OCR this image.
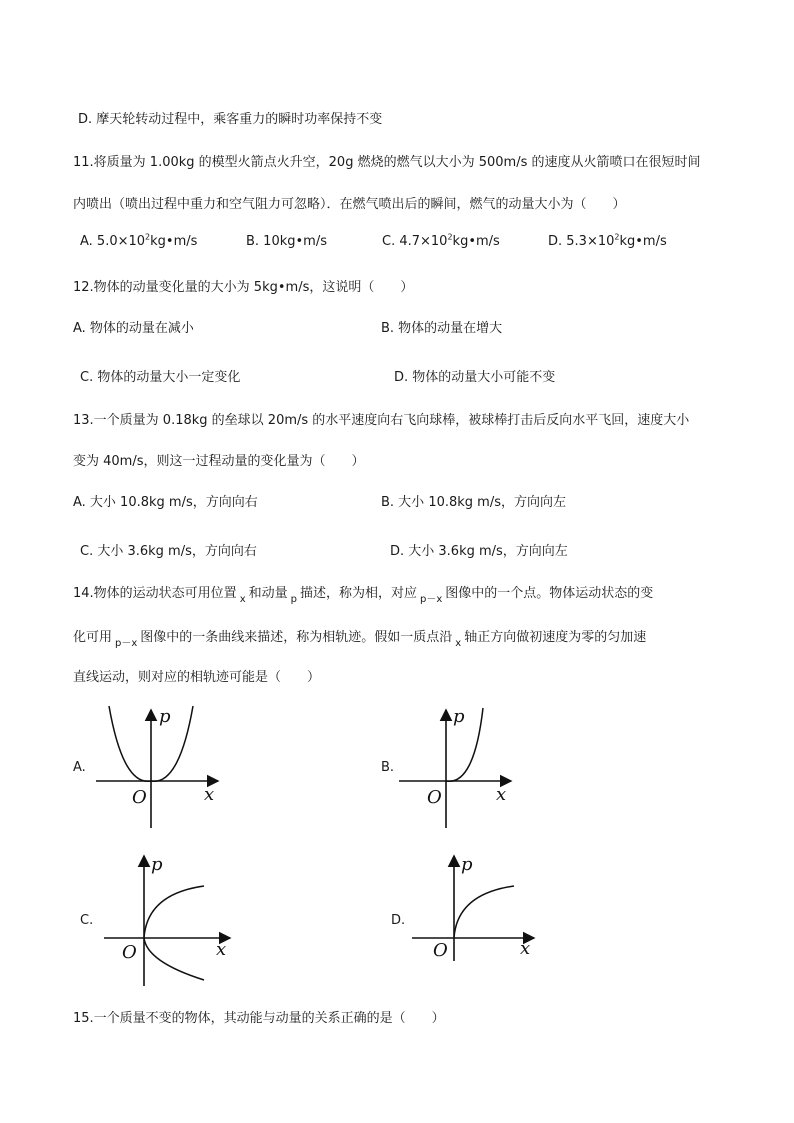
D. 摩天轮转动过程中，乘客重力的瞬时功率保持不变
11.将质量为 1.00kg 的模型火箭点火升空，20g 燃烧的燃气以大小为 500m/s 的速度从火箭喷口在很短时间
内喷出（喷出过程中重力和空气阻力可忽略）．在燃气喷出后的瞬间，燃气的动量大小为（　　）
A. $5.0\times 10^2kg•m/s$	B. 10kg•m/s	C. $4.7\times 10^2kg•m/s$	D. $5.3\times 10^2kg•m/s$
12.物体的动量变化量的大小为 5kg•m/s，这说明（　　）
A. 物体的动量在减小	B. 物体的动量在增大
C. 物体的动量大小一定变化	D. 物体的动量大小可能不变
13.一个质量为 0.18kg 的垒球以 20m/s 的水平速度向右飞向球棒，被球棒打击后反向水平飞回，速度大小
变为 40m/s，则这一过程动量的变化量为（　　）
A. 大小 10.8kg m/s，方向向右	B. 大小 10.8kg m/s，方向向左
C. 大小 3.6kg m/s，方向向右	D. 大小 3.6kg m/s，方向向左
14.物体的运动状态可用位置 $_x$ 和动量 $_p$ 描述，称为相，对应 $_{p-x}$ 图像中的一个点。物体运动状态的变
化可用 $_{p-x}$ 图像中的一条曲线来描述，称为相轨迹。假如一质点沿 $_x$ 轴正方向做初速度为零的匀加速
直线运动，则对应的相轨迹可能是（　　）
A.
p
x
O
B.
p
x
O
C.
p
x
O
D.
p
x
O
15.一个质量不变的物体，其动能与动量的关系正确的是（　　）
